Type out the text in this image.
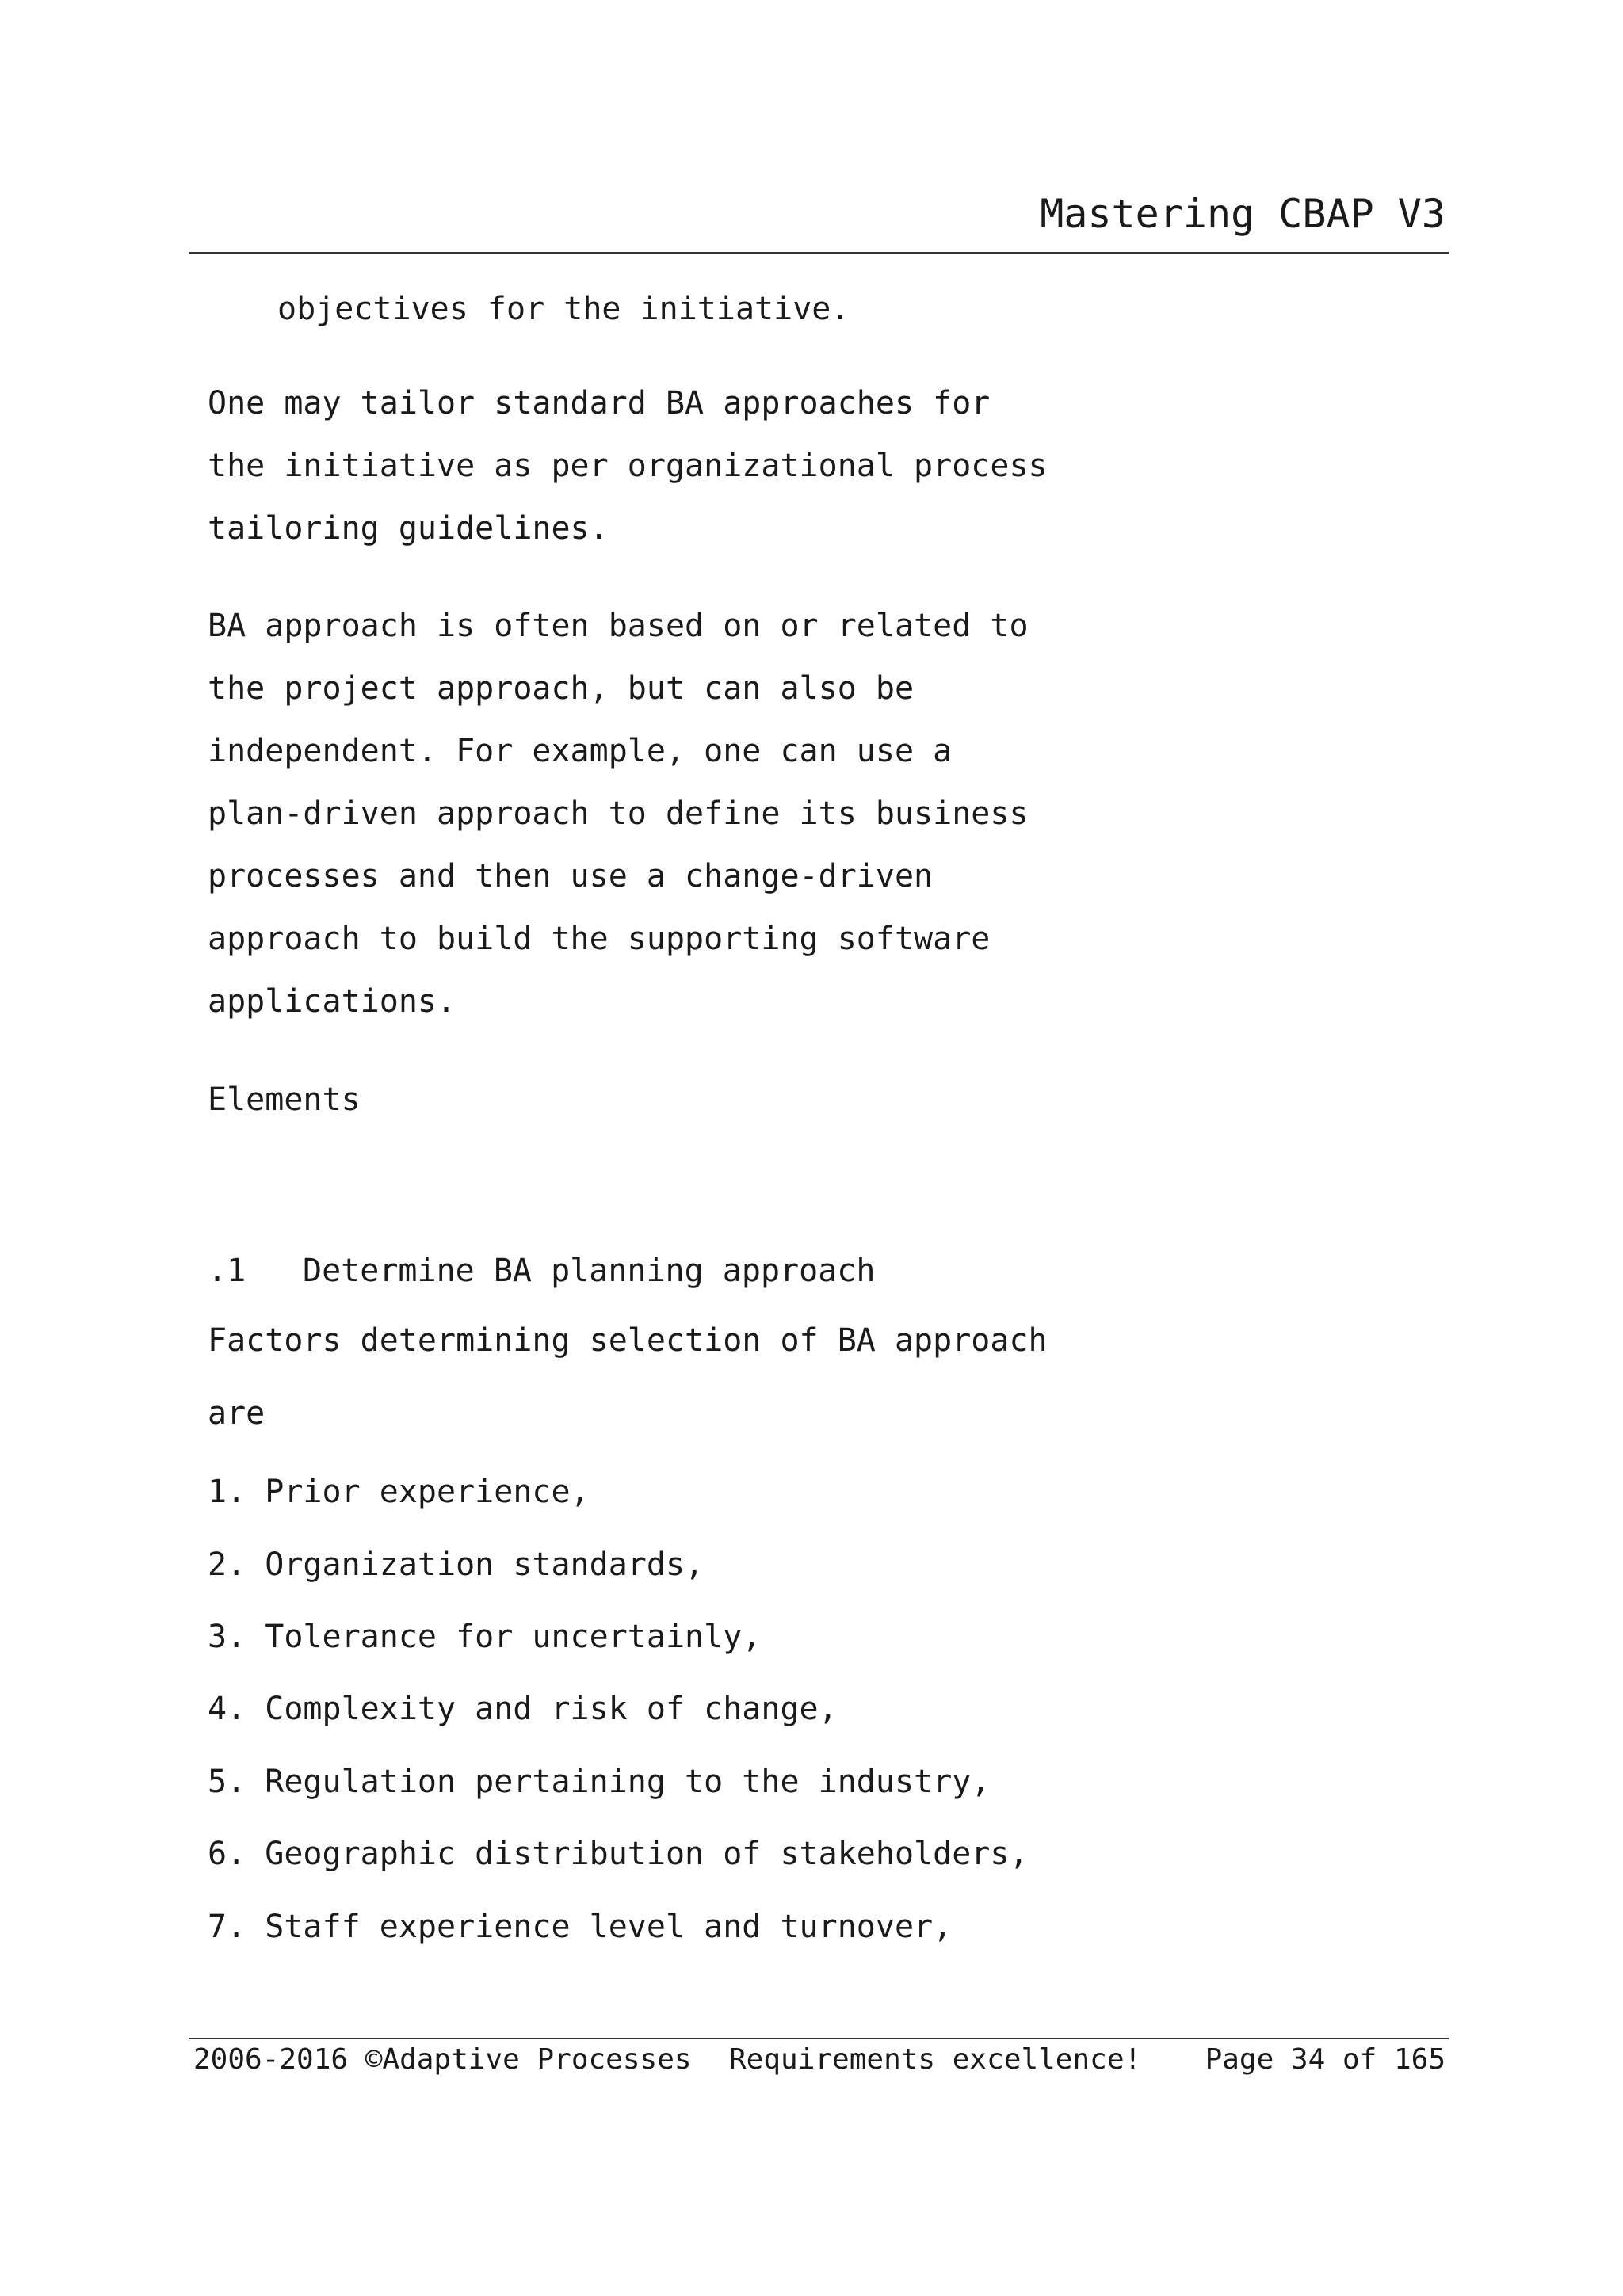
Mastering CBAP V3
objectives for the initiative.
One may tailor standard BA approaches for
the initiative as per organizational process
tailoring guidelines.
BA approach is often based on or related to
the project approach, but can also be
independent. For example, one can use a
plan-driven approach to define its business
processes and then use a change-driven
approach to build the supporting software
applications.
Elements
.1 Determine BA planning approach
Factors determining selection of BA approach
are
1. Prior experience,
2. Organization standards,
3. Tolerance for uncertainly,
4. Complexity and risk of change,
5. Regulation pertaining to the industry,
6. Geographic distribution of stakeholders,
7. Staff experience level and turnover,
2006-2016 ©Adaptive Processes Requirements excellence! Page 34 of 165
